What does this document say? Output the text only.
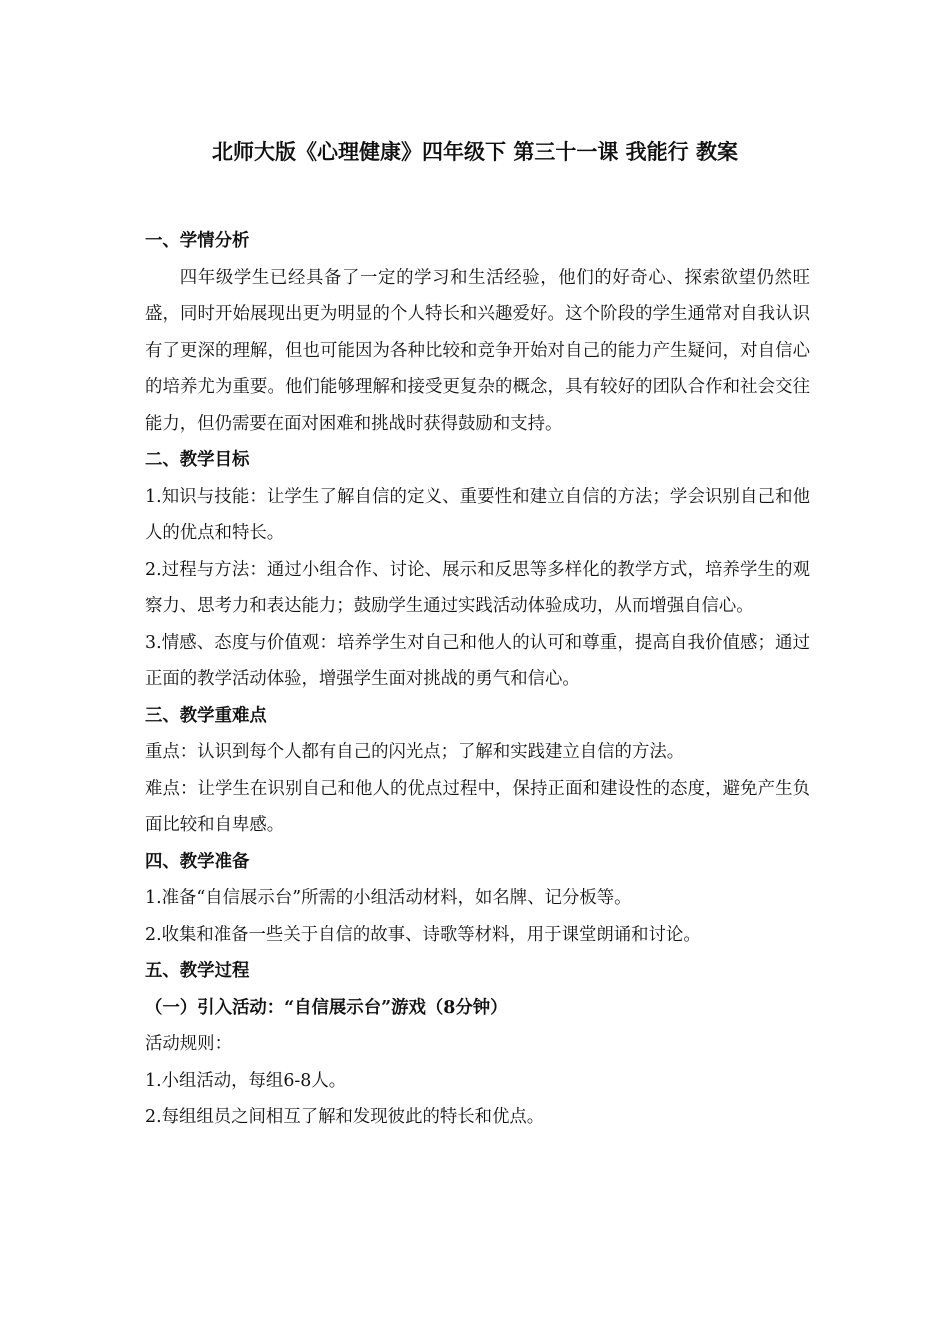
北师大版《心理健康》四年级下 第三十一课 我能行 教案

一、学情分析

四年级学生已经具备了一定的学习和生活经验，他们的好奇心、探索欲望仍然旺盛，同时开始展现出更为明显的个人特长和兴趣爱好。这个阶段的学生通常对自我认识有了更深的理解，但也可能因为各种比较和竞争开始对自己的能力产生疑问，对自信心的培养尤为重要。他们能够理解和接受更复杂的概念，具有较好的团队合作和社会交往能力，但仍需要在面对困难和挑战时获得鼓励和支持。

二、教学目标

1.知识与技能：让学生了解自信的定义、重要性和建立自信的方法；学会识别自己和他人的优点和特长。

2.过程与方法：通过小组合作、讨论、展示和反思等多样化的教学方式，培养学生的观察力、思考力和表达能力；鼓励学生通过实践活动体验成功，从而增强自信心。

3.情感、态度与价值观：培养学生对自己和他人的认可和尊重，提高自我价值感；通过正面的教学活动体验，增强学生面对挑战的勇气和信心。

三、教学重难点

重点：认识到每个人都有自己的闪光点；了解和实践建立自信的方法。

难点：让学生在识别自己和他人的优点过程中，保持正面和建设性的态度，避免产生负面比较和自卑感。

四、教学准备

1.准备“自信展示台”所需的小组活动材料，如名牌、记分板等。

2.收集和准备一些关于自信的故事、诗歌等材料，用于课堂朗诵和讨论。

五、教学过程

（一）引入活动：“自信展示台”游戏（8分钟）

活动规则：

1.小组活动，每组6-8人。

2.每组组员之间相互了解和发现彼此的特长和优点。
